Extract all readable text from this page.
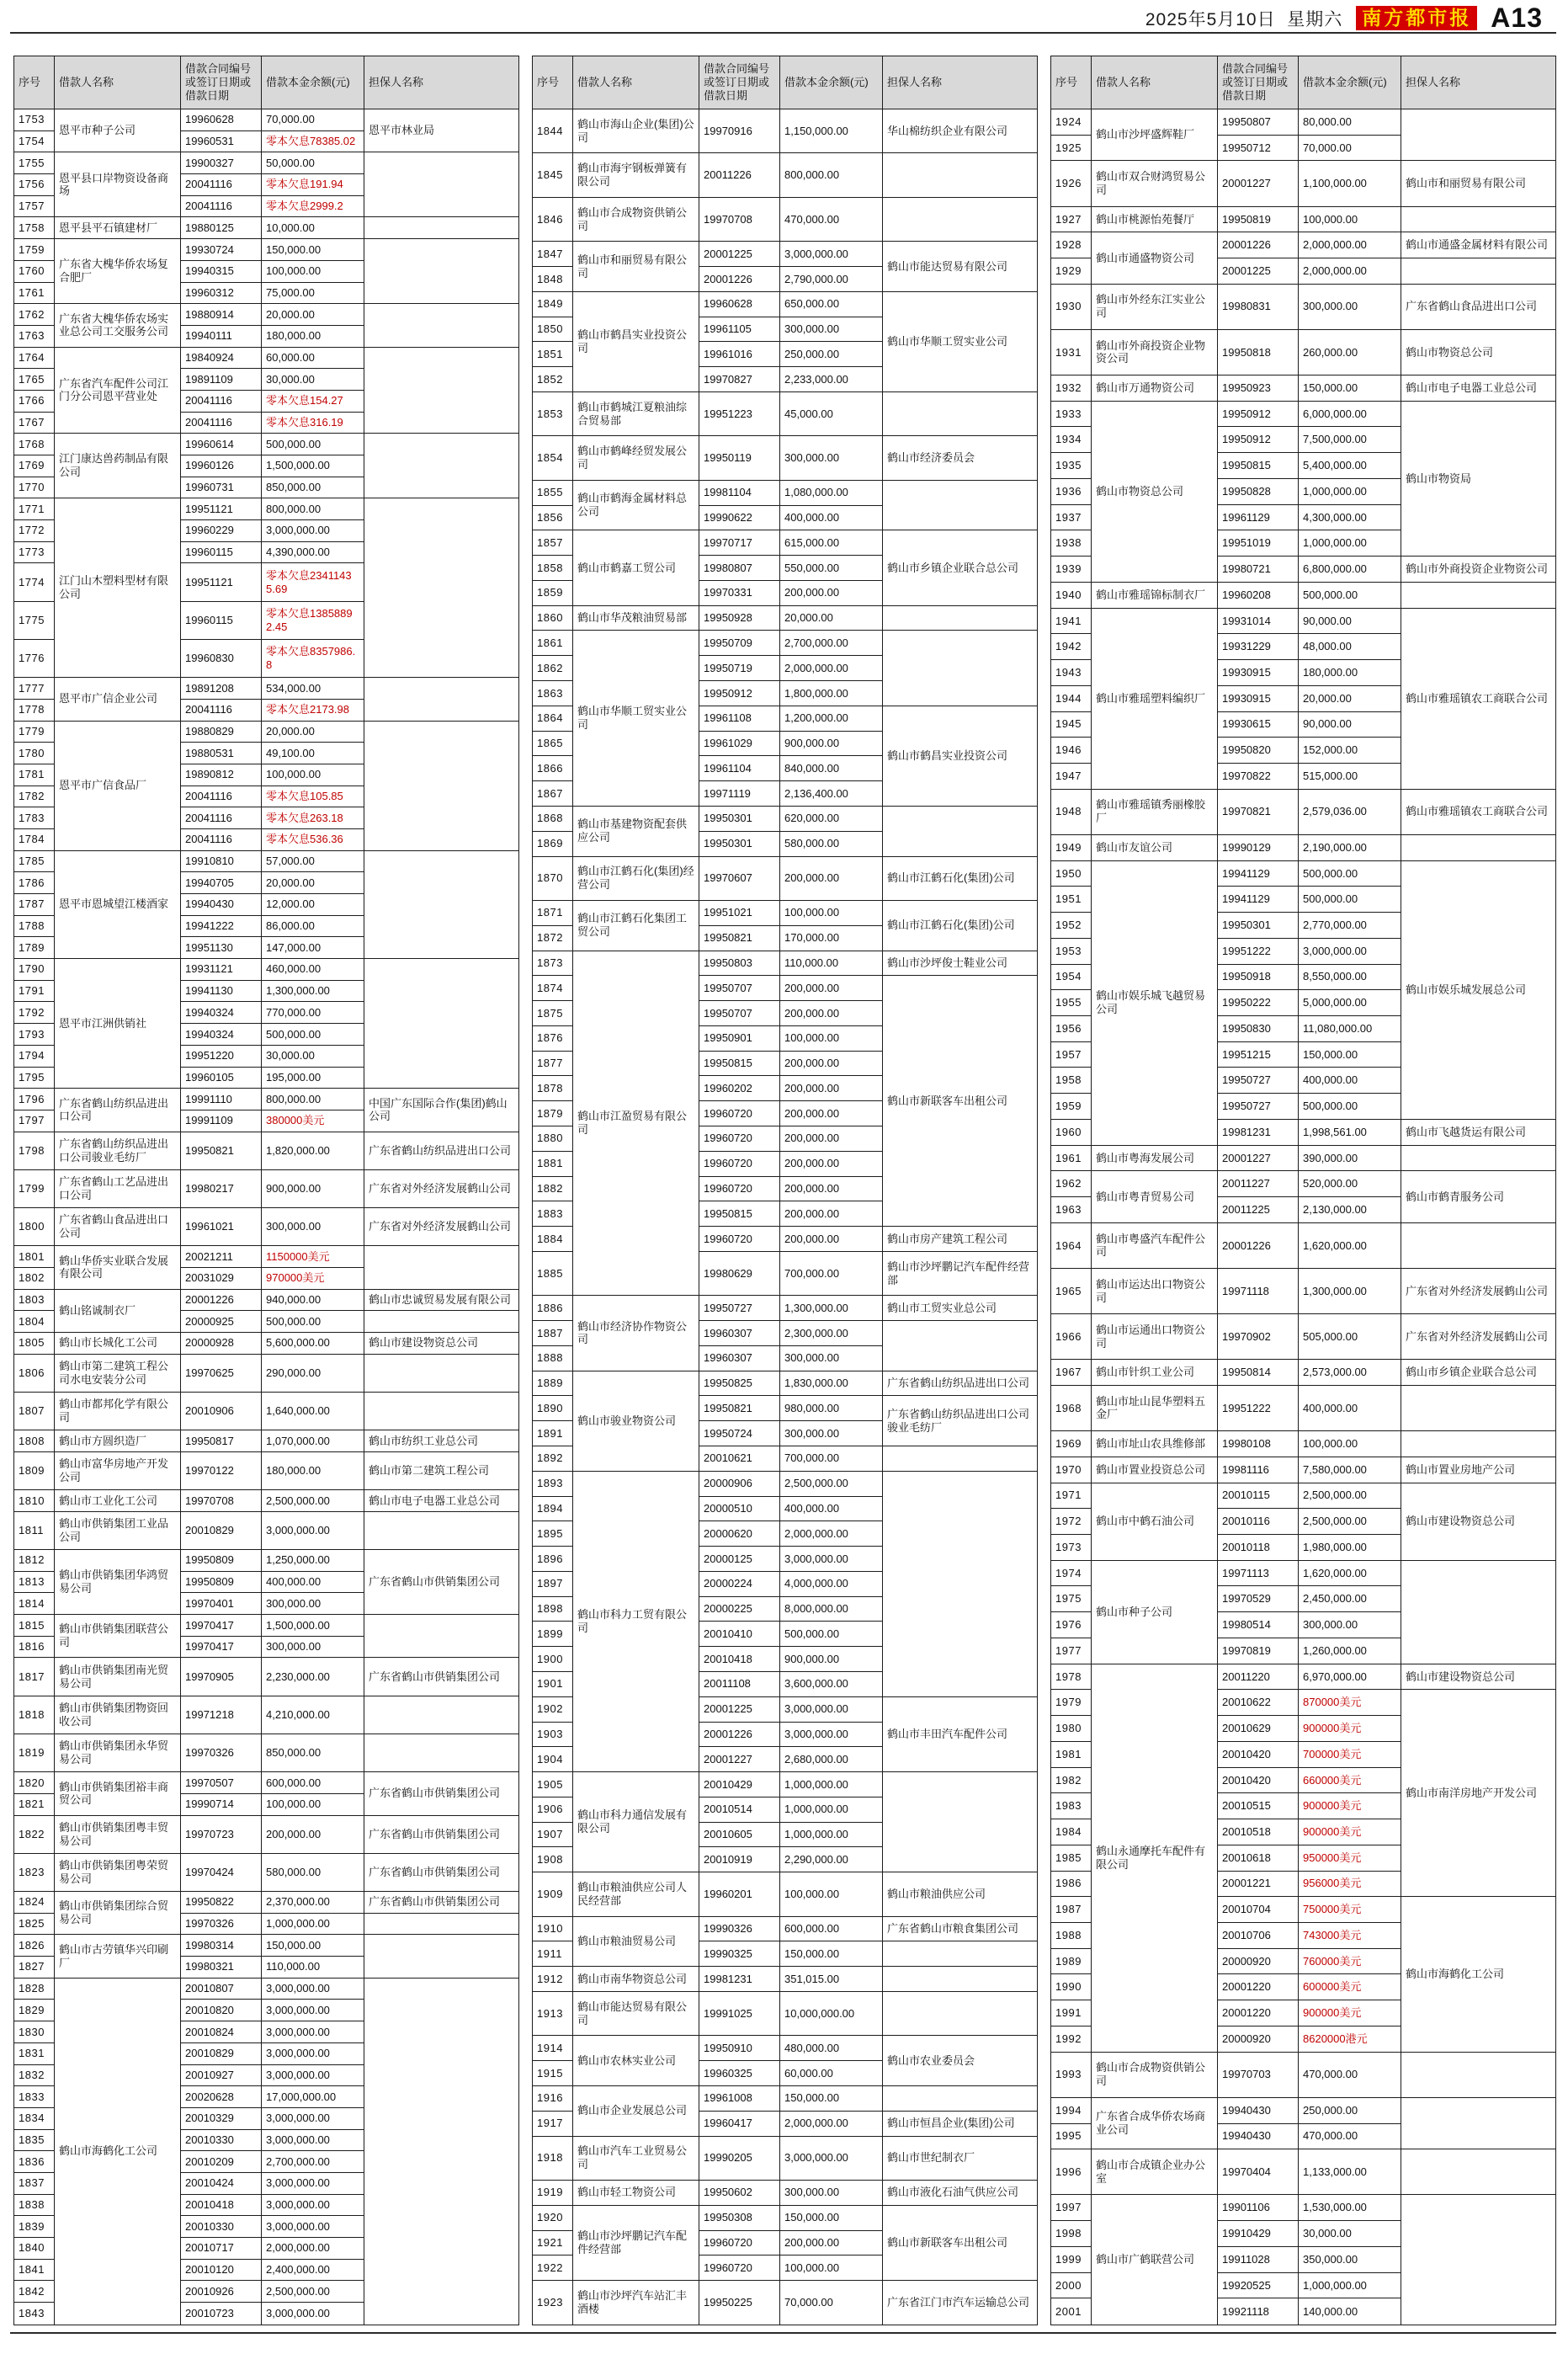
2025年5月10日 星期六	南方都市报 A13
序号	借款人名称	借款合同编号或签订日期或借款日期	借款本金余额(元)	担保人名称
1753	恩平市种子公司	19960628	70,000.00	恩平市林业局
1754		19960531	零本欠息78385.02	
1755	恩平县口岸物资设备商场	19900327	50,000.00	
1756		20041116	零本欠息191.94	
1757		20041116	零本欠息2999.2	
1758	恩平县平石镇建材厂	19880125	10,000.00	
1759	广东省大槐华侨农场复合肥厂	19930724	150,000.00	
1760		19940315	100,000.00	
1761		19960312	75,000.00	
1762	广东省大槐华侨农场实业总公司工交服务公司	19880914	20,000.00	
1763		19940111	180,000.00	
1764	广东省汽车配件公司江门分公司恩平营业处	19840924	60,000.00	
1765		19891109	30,000.00	
1766		20041116	零本欠息154.27	
1767		20041116	零本欠息316.19	
1768	江门康达兽药制品有限公司	19960614	500,000.00	
1769		19960126	1,500,000.00	
1770		19960731	850,000.00	
1771	江门山木塑料型材有限公司	19951121	800,000.00	
1772		19960229	3,000,000.00	
1773		19960115	4,390,000.00	
1774		19951121	零本欠息23411435.69	
1775		19960115	零本欠息13858892.45	
1776		19960830	零本欠息8357986.8	
1777	恩平市广信企业公司	19891208	534,000.00	
1778		20041116	零本欠息2173.98	
1779	恩平市广信食品厂	19880829	20,000.00	
1780		19880531	49,100.00	
1781		19890812	100,000.00	
1782		20041116	零本欠息105.85	
1783		20041116	零本欠息263.18	
1784		20041116	零本欠息536.36	
1785	恩平市恩城望江楼酒家	19910810	57,000.00	
1786		19940705	20,000.00	
1787		19940430	12,000.00	
1788		19941222	86,000.00	
1789		19951130	147,000.00	
1790	恩平市江洲供销社	19931121	460,000.00	
1791		19941130	1,300,000.00	
1792		19940324	770,000.00	
1793		19940324	500,000.00	
1794		19951220	30,000.00	
1795		19960105	195,000.00	
1796	广东省鹤山纺织品进出口公司	19991110	800,000.00	中国广东国际合作(集团)鹤山公司
1797		19991109	380000美元	
1798	广东省鹤山纺织品进出口公司骏业毛纺厂	19950821	1,820,000.00	广东省鹤山纺织品进出口公司
1799	广东省鹤山工艺品进出口公司	19980217	900,000.00	广东省对外经济发展鹤山公司
1800	广东省鹤山食品进出口公司	19961021	300,000.00	广东省对外经济发展鹤山公司
1801	鹤山华侨实业联合发展有限公司	20021211	1150000美元	
1802		20031029	970000美元	
1803	鹤山铭诚制衣厂	20001226	940,000.00	鹤山市忠诚贸易发展有限公司
1804		20000925	500,000.00	
1805	鹤山市长城化工公司	20000928	5,600,000.00	鹤山市建设物资总公司
1806	鹤山市第二建筑工程公司水电安装分公司	19970625	290,000.00	
1807	鹤山市都邦化学有限公司	20010906	1,640,000.00	
1808	鹤山市方圆织造厂	19950817	1,070,000.00	鹤山市纺织工业总公司
1809	鹤山市富华房地产开发公司	19970122	180,000.00	鹤山市第二建筑工程公司
1810	鹤山市工业化工公司	19970708	2,500,000.00	鹤山市电子电器工业总公司
1811	鹤山市供销集团工业品公司	20010829	3,000,000.00	
1812	鹤山市供销集团华鸿贸易公司	19950809	1,250,000.00	广东省鹤山市供销集团公司
1813		19950809	400,000.00	
1814		19970401	300,000.00	
1815	鹤山市供销集团联营公司	19970417	1,500,000.00	
1816		19970417	300,000.00	
1817	鹤山市供销集团南光贸易公司	19970905	2,230,000.00	广东省鹤山市供销集团公司
1818	鹤山市供销集团物资回收公司	19971218	4,210,000.00	
1819	鹤山市供销集团永华贸易公司	19970326	850,000.00	
1820	鹤山市供销集团裕丰商贸公司	19970507	600,000.00	广东省鹤山市供销集团公司
1821		19990714	100,000.00	
1822	鹤山市供销集团粤丰贸易公司	19970723	200,000.00	广东省鹤山市供销集团公司
1823	鹤山市供销集团粤荣贸易公司	19970424	580,000.00	广东省鹤山市供销集团公司
1824	鹤山市供销集团综合贸易公司	19950822	2,370,000.00	广东省鹤山市供销集团公司
1825		19970326	1,000,000.00	
1826	鹤山市古劳镇华兴印刷厂	19980314	150,000.00	
1827		19980321	110,000.00	
1828	鹤山市海鹤化工公司	20010807	3,000,000.00	
1829		20010820	3,000,000.00	
1830		20010824	3,000,000.00	
1831		20010829	3,000,000.00	
1832		20010927	3,000,000.00	
1833		20020628	17,000,000.00	
1834		20010329	3,000,000.00	
1835		20010330	3,000,000.00	
1836		20010209	2,700,000.00	
1837		20010424	3,000,000.00	
1838		20010418	3,000,000.00	
1839		20010330	3,000,000.00	
1840		20010717	2,000,000.00	
1841		20010120	2,400,000.00	
1842		20010926	2,500,000.00	
1843		20010723	3,000,000.00	
序号	借款人名称	借款合同编号或签订日期或借款日期	借款本金余额(元)	担保人名称
1844	鹤山市海山企业(集团)公司	19970916	1,150,000.00	华山棉纺织企业有限公司
1845	鹤山市海宇钢板弹簧有限公司	20011226	800,000.00	
1846	鹤山市合成物资供销公司	19970708	470,000.00	
1847	鹤山市和丽贸易有限公司	20001225	3,000,000.00	鹤山市能达贸易有限公司
1848		20001226	2,790,000.00	
1849	鹤山市鹤昌实业投资公司	19960628	650,000.00	鹤山市华顺工贸实业公司
1850		19961105	300,000.00	
1851		19961016	250,000.00	
1852		19970827	2,233,000.00	
1853	鹤山市鹤城江夏粮油综合贸易部	19951223	45,000.00	
1854	鹤山市鹤峰经贸发展公司	19950119	300,000.00	鹤山市经济委员会
1855	鹤山市鹤海金属材料总公司	19981104	1,080,000.00	
1856		19990622	400,000.00	
1857	鹤山市鹤嘉工贸公司	19970717	615,000.00	鹤山市乡镇企业联合总公司
1858		19980807	550,000.00	
1859		19970331	200,000.00	
1860	鹤山市华茂粮油贸易部	19950928	20,000.00	
1861	鹤山市华顺工贸实业公司	19950709	2,700,000.00	
1862		19950719	2,000,000.00	
1863		19950912	1,800,000.00	
1864		19961108	1,200,000.00	鹤山市鹤昌实业投资公司
1865		19961029	900,000.00	
1866		19961104	840,000.00	
1867		19971119	2,136,400.00	
1868	鹤山市基建物资配套供应公司	19950301	620,000.00	
1869		19950301	580,000.00	
1870	鹤山市江鹤石化(集团)经营公司	19970607	200,000.00	鹤山市江鹤石化(集团)公司
1871	鹤山市江鹤石化集团工贸公司	19951021	100,000.00	鹤山市江鹤石化(集团)公司
1872		19950821	170,000.00	
1873	鹤山市江盈贸易有限公司	19950803	110,000.00	鹤山市沙坪俊士鞋业公司
1874		19950707	200,000.00	鹤山市新联客车出租公司
1875		19950707	200,000.00	
1876		19950901	100,000.00	
1877		19950815	200,000.00	
1878		19960202	200,000.00	
1879		19960720	200,000.00	
1880		19960720	200,000.00	
1881		19960720	200,000.00	
1882		19960720	200,000.00	
1883		19950815	200,000.00	
1884		19960720	200,000.00	鹤山市房产建筑工程公司
1885		19980629	700,000.00	鹤山市沙坪鹏记汽车配件经营部
1886	鹤山市经济协作物资公司	19950727	1,300,000.00	鹤山市工贸实业总公司
1887		19960307	2,300,000.00	
1888		19960307	300,000.00	
1889	鹤山市骏业物资公司	19950825	1,830,000.00	广东省鹤山纺织品进出口公司
1890		19950821	980,000.00	广东省鹤山纺织品进出口公司骏业毛纺厂
1891		19950724	300,000.00	
1892		20010621	700,000.00	
1893	鹤山市科力工贸有限公司	20000906	2,500,000.00	
1894		20000510	400,000.00	
1895		20000620	2,000,000.00	
1896		20000125	3,000,000.00	
1897		20000224	4,000,000.00	
1898		20000225	8,000,000.00	
1899		20010410	500,000.00	
1900		20010418	900,000.00	
1901		20011108	3,600,000.00	
1902		20001225	3,000,000.00	鹤山市丰田汽车配件公司
1903		20001226	3,000,000.00	
1904		20001227	2,680,000.00	
1905	鹤山市科力通信发展有限公司	20010429	1,000,000.00	
1906		20010514	1,000,000.00	
1907		20010605	1,000,000.00	
1908		20010919	2,290,000.00	
1909	鹤山市粮油供应公司人民经营部	19960201	100,000.00	鹤山市粮油供应公司
1910	鹤山市粮油贸易公司	19990326	600,000.00	广东省鹤山市粮食集团公司
1911		19990325	150,000.00	
1912	鹤山市南华物资总公司	19981231	351,015.00	
1913	鹤山市能达贸易有限公司	19991025	10,000,000.00	
1914	鹤山市农林实业公司	19950910	480,000.00	鹤山市农业委员会
1915		19960325	60,000.00	
1916	鹤山市企业发展总公司	19961008	150,000.00	
1917		19960417	2,000,000.00	鹤山市恒昌企业(集团)公司
1918	鹤山市汽车工业贸易公司	19990205	3,000,000.00	鹤山市世纪制衣厂
1919	鹤山市轻工物资公司	19950602	300,000.00	鹤山市液化石油气供应公司
1920	鹤山市沙坪鹏记汽车配件经营部	19950308	150,000.00	鹤山市新联客车出租公司
1921		19960720	200,000.00	
1922		19960720	100,000.00	
1923	鹤山市沙坪汽车站汇丰酒楼	19950225	70,000.00	广东省江门市汽车运输总公司
序号	借款人名称	借款合同编号或签订日期或借款日期	借款本金余额(元)	担保人名称
1924	鹤山市沙坪盛辉鞋厂	19950807	80,000.00	
1925		19950712	70,000.00	
1926	鹤山市双合财鸿贸易公司	20001227	1,100,000.00	鹤山市和丽贸易有限公司
1927	鹤山市桃源怡苑餐厅	19950819	100,000.00	
1928	鹤山市通盛物资公司	20001226	2,000,000.00	鹤山市通盛金属材料有限公司
1929		20001225	2,000,000.00	
1930	鹤山市外经东江实业公司	19980831	300,000.00	广东省鹤山食品进出口公司
1931	鹤山市外商投资企业物资公司	19950818	260,000.00	鹤山市物资总公司
1932	鹤山市万通物资公司	19950923	150,000.00	鹤山市电子电器工业总公司
1933	鹤山市物资总公司	19950912	6,000,000.00	鹤山市物资局
1934		19950912	7,500,000.00	
1935		19950815	5,400,000.00	
1936		19950828	1,000,000.00	
1937		19961129	4,300,000.00	
1938		19951019	1,000,000.00	
1939		19980721	6,800,000.00	鹤山市外商投资企业物资公司
1940	鹤山市雅瑶锦标制衣厂	19960208	500,000.00	
1941	鹤山市雅瑶塑料编织厂	19931014	90,000.00	鹤山市雅瑶镇农工商联合公司
1942		19931229	48,000.00	
1943		19930915	180,000.00	
1944		19930915	20,000.00	
1945		19930615	90,000.00	
1946		19950820	152,000.00	
1947		19970822	515,000.00	
1948	鹤山市雅瑶镇秀丽橡胶厂	19970821	2,579,036.00	鹤山市雅瑶镇农工商联合公司
1949	鹤山市友谊公司	19990129	2,190,000.00	
1950	鹤山市娱乐城飞越贸易公司	19941129	500,000.00	鹤山市娱乐城发展总公司
1951		19941129	500,000.00	
1952		19950301	2,770,000.00	
1953		19951222	3,000,000.00	
1954		19950918	8,550,000.00	
1955		19950222	5,000,000.00	
1956		19950830	11,080,000.00	
1957		19951215	150,000.00	
1958		19950727	400,000.00	
1959		19950727	500,000.00	
1960		19981231	1,998,561.00	鹤山市飞越货运有限公司
1961	鹤山市粤海发展公司	20001227	390,000.00	
1962	鹤山市粤青贸易公司	20011227	520,000.00	鹤山市鹤青服务公司
1963		20011225	2,130,000.00	
1964	鹤山市粤盛汽车配件公司	20001226	1,620,000.00	
1965	鹤山市运达出口物资公司	19971118	1,300,000.00	广东省对外经济发展鹤山公司
1966	鹤山市运通出口物资公司	19970902	505,000.00	广东省对外经济发展鹤山公司
1967	鹤山市针织工业公司	19950814	2,573,000.00	鹤山市乡镇企业联合总公司
1968	鹤山市址山昆华塑料五金厂	19951222	400,000.00	
1969	鹤山市址山农具维修部	19980108	100,000.00	
1970	鹤山市置业投资总公司	19981116	7,580,000.00	鹤山市置业房地产公司
1971	鹤山市中鹤石油公司	20010115	2,500,000.00	鹤山市建设物资总公司
1972		20010116	2,500,000.00	
1973		20010118	1,980,000.00	
1974	鹤山市种子公司	19971113	1,620,000.00	
1975		19970529	2,450,000.00	
1976		19980514	300,000.00	
1977		19970819	1,260,000.00	
1978	鹤山永通摩托车配件有限公司	20011220	6,970,000.00	鹤山市建设物资总公司
1979		20010622	870000美元	鹤山市南洋房地产开发公司
1980		20010629	900000美元	
1981		20010420	700000美元	
1982		20010420	660000美元	
1983		20010515	900000美元	
1984		20010518	900000美元	
1985		20010618	950000美元	
1986		20001221	956000美元	
1987		20010704	750000美元	鹤山市海鹤化工公司
1988		20010706	743000美元	
1989		20000920	760000美元	
1990		20001220	600000美元	
1991		20001220	900000美元	
1992		20000920	8620000港元	
1993	鹤山市合成物资供销公司	19970703	470,000.00	
1994	广东省合成华侨农场商业公司	19940430	250,000.00	
1995		19940430	470,000.00	
1996	鹤山市合成镇企业办公室	19970404	1,133,000.00	
1997	鹤山市广鹤联营公司	19901106	1,530,000.00	
1998		19910429	30,000.00	
1999		19911028	350,000.00	
2000		19920525	1,000,000.00	
2001		19921118	140,000.00	
